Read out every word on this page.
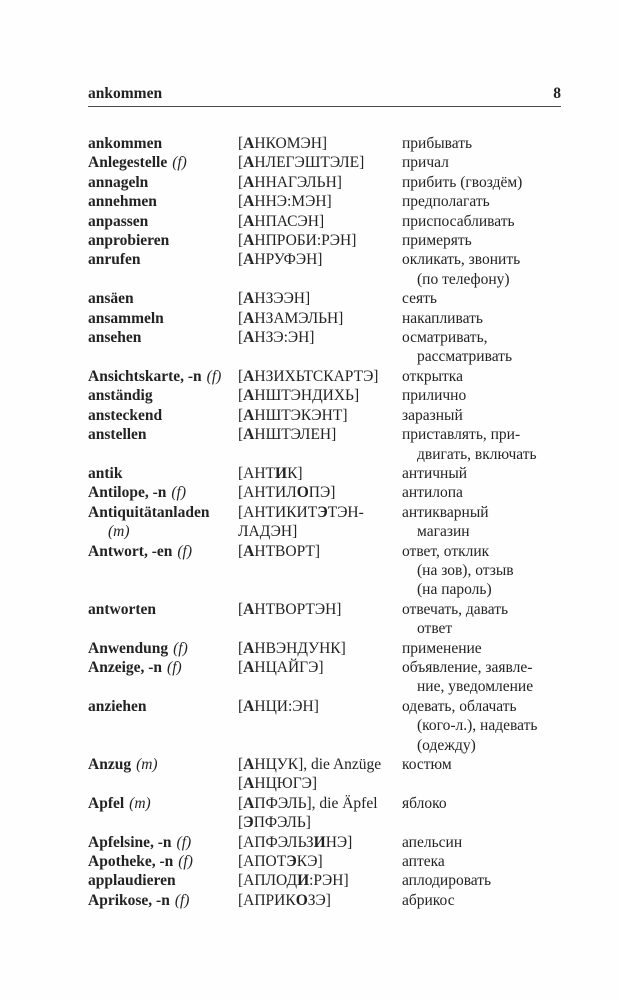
ankommen	8
ankommen	[АНКОМЭН]	прибывать
Anlegestelle (f)	[АНЛЕГЭШТЭЛЕ]	причал
annageln	[АННАГЭЛЬН]	прибить (гвоздём)
annehmen	[АННЭ:МЭН]	предполагать
anpassen	[АНПАСЭН]	приспосабливать
anprobieren	[АНПРОБИ:РЭН]	примерять
anrufen	[АНРУФЭН]	окликать, звонить
(по телефону)
ansäen	[АНЗЭЭН]	сеять
ansammeln	[АНЗАМЭЛЬН]	накапливать
ansehen	[АНЗЭ:ЭН]	осматривать,
рассматривать
Ansichtskarte, -n (f)	[АНЗИХЬТСКАРТЭ]	открытка
anständig	[АНШТЭНДИХЬ]	прилично
ansteckend	[АНШТЭКЭНТ]	заразный
anstellen	[АНШТЭЛЕН]	приставлять, при-
двигать, включать
antik	[АНТИК]	античный
Antilope, -n (f)	[АНТИЛОПЭ]	антилопа
Antiquitätanladen	[АНТИКИТЭТЭН-	антикварный
(m)	ЛАДЭН]	магазин
Antwort, -en (f)	[АНТВОРТ]	ответ, отклик
(на зов), отзыв
(на пароль)
antworten	[АНТВОРТЭН]	отвечать, давать
ответ
Anwendung (f)	[АНВЭНДУНК]	применение
Anzeige, -n (f)	[АНЦАЙГЭ]	объявление, заявле-
ние, уведомление
anziehen	[АНЦИ:ЭН]	одевать, облачать
(кого-л.), надевать
(одежду)
Anzug (m)	[АНЦУК], die Anzüge	костюм
[АНЦЮГЭ]
Apfel (m)	[АПФЭЛЬ], die Äpfel	яблоко
[ЭПФЭЛЬ]
Apfelsine, -n (f)	[АПФЭЛЬЗИНЭ]	апельсин
Apotheke, -n (f)	[АПОТЭКЭ]	аптека
applaudieren	[АПЛОДИ:РЭН]	аплодировать
Aprikose, -n (f)	[АПРИКОЗЭ]	абрикос
